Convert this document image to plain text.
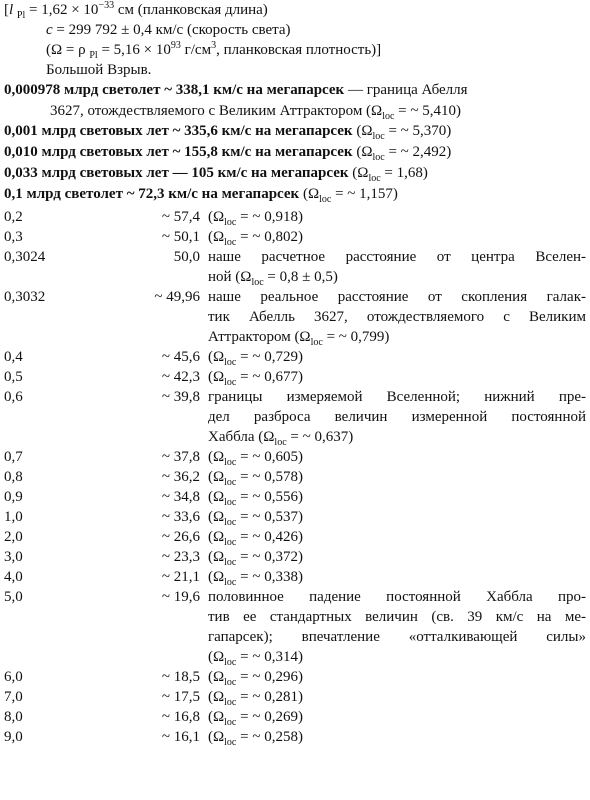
[l $_{Pl} = 1,62 \times 10^{-33}$ см (планковская длина)
c = 299 792 ± 0,4 км/с (скорость света)
(Ω = ρ $_{Pl} = 5,16 \times 10^{93}$ $г/см^3$, планковская плотность)]
Большой Взрыв.
0,000978 млрд светолет ~ 338,1 км/с на мегапарсек — граница Абелля
3627, отождествляемого с Великим Аттрактором ($\Omega_{loc}$ = ~ 5,410)
0,001 млрд световых лет ~ 335,6 км/с на мегапарсек ($\Omega_{loc}$ = ~ 5,370)
0,010 млрд световых лет ~ 155,8 км/с на мегапарсек ($\Omega_{loc}$ = ~ 2,492)
0,033 млрд световых лет — 105 км/с на мегапарсек $(\Omega_{loc} = 1,68)$
0,1 млрд светолет ~ 72,3 км/с на мегапарсек ($\Omega_{loc}$ = ~ 1,157)
0,2	~ 57,4 ($\Omega_{loc}$ = ~ 0,918)
0,3	~ 50,1 ($\Omega_{loc}$ = ~ 0,802)
0,3024	50,0 наше расчетное расстояние от центра Вселен-
ной $(\Omega_{loc} = 0,8 \pm 0,5)$
0,3032	~ 49,96 наше реальное расстояние от скопления галак-
тик Абелль 3627, отождествляемого с Великим
Аттрактором ($\Omega_{loc}$ = ~ 0,799)
0,4	~ 45,6 ($\Omega_{loc}$ = ~ 0,729)
0,5	~ 42,3 ($\Omega_{loc}$ = ~ 0,677)
0,6	~ 39,8 границы измеряемой Вселенной; нижний пре-
дел разброса величин измеренной постоянной
Хаббла ($\Omega_{loc}$ = ~ 0,637)
0,7	~ 37,8 ($\Omega_{loc}$ = ~ 0,605)
0,8	~ 36,2 ($\Omega_{loc}$ = ~ 0,578)
0,9	~ 34,8 ($\Omega_{loc}$ = ~ 0,556)
1,0	~ 33,6 ($\Omega_{loc}$ = ~ 0,537)
2,0	~ 26,6 ($\Omega_{loc}$ = ~ 0,426)
3,0	~ 23,3 ($\Omega_{loc}$ = ~ 0,372)
4,0	~ 21,1 ($\Omega_{loc}$ = ~ 0,338)
5,0	~ 19,6 половинное падение постоянной Хаббла про-
тив ее стандартных величин (св. 39 км/с на ме-
гапарсек); впечатление «отталкивающей силы»
($\Omega_{loc}$ = ~ 0,314)
6,0	~ 18,5 ($\Omega_{loc}$ = ~ 0,296)
7,0	~ 17,5 ($\Omega_{loc}$ = ~ 0,281)
8,0	~ 16,8 ($\Omega_{loc}$ = ~ 0,269)
9,0	~ 16,1 ($\Omega_{loc}$ = ~ 0,258)
